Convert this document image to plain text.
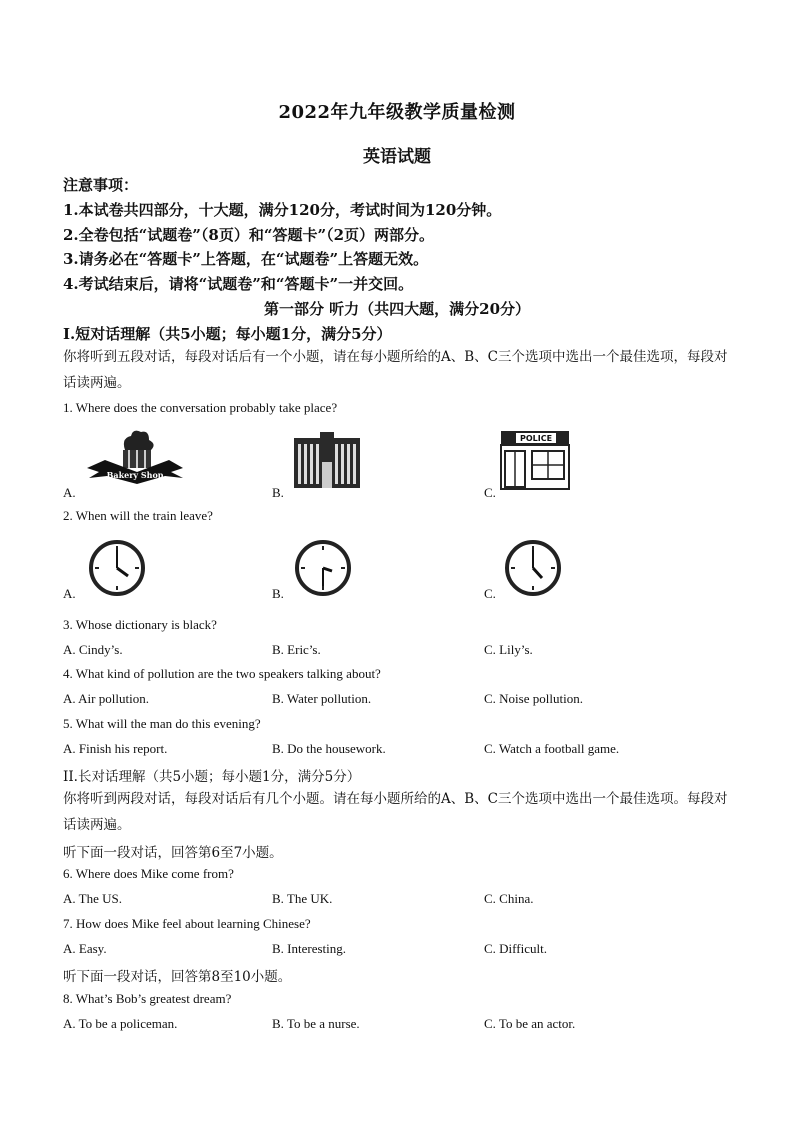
2022年九年级教学质量检测
英语试题
注意事项：
1.本试卷共四部分，十大题，满分120分，考试时间为120分钟。
2.全卷包括“试题卷”（8页）和“答题卡”（2页）两部分。
3.请务必在“答题卡”上答题，在“试题卷”上答题无效。
4.考试结束后，请将“试题卷”和“答题卡”一并交回。
第一部分 听力（共四大题，满分20分）
I.短对话理解（共5小题；每小题1分，满分5分）
你将听到五段对话，每段对话后有一个小题，请在每小题所给的A、B、C三个选项中选出一个最佳选项，每段对话读两遍。
1. Where does the conversation probably take place?
Bakery Shop
POLICE
A.	B.	C.
2. When will the train leave?
A.	B.	C.
3. Whose dictionary is black?
A. Cindy’s.	B. Eric’s.	C. Lily’s.
4. What kind of pollution are the two speakers talking about?
A. Air pollution.	B. Water pollution.	C. Noise pollution.
5. What will the man do this evening?
A. Finish his report.	B. Do the housework.	C. Watch a football game.
II.长对话理解（共5小题；每小题1分，满分5分）
你将听到两段对话，每段对话后有几个小题。请在每小题所给的A、B、C三个选项中选出一个最佳选项。每段对话读两遍。
听下面一段对话，回答第6至7小题。
6. Where does Mike come from?
A. The US.	B. The UK.	C. China.
7. How does Mike feel about learning Chinese?
A. Easy.	B. Interesting.	C. Difficult.
听下面一段对话，回答第8至10小题。
8. What’s Bob’s greatest dream?
A. To be a policeman.	B. To be a nurse.	C. To be an actor.
